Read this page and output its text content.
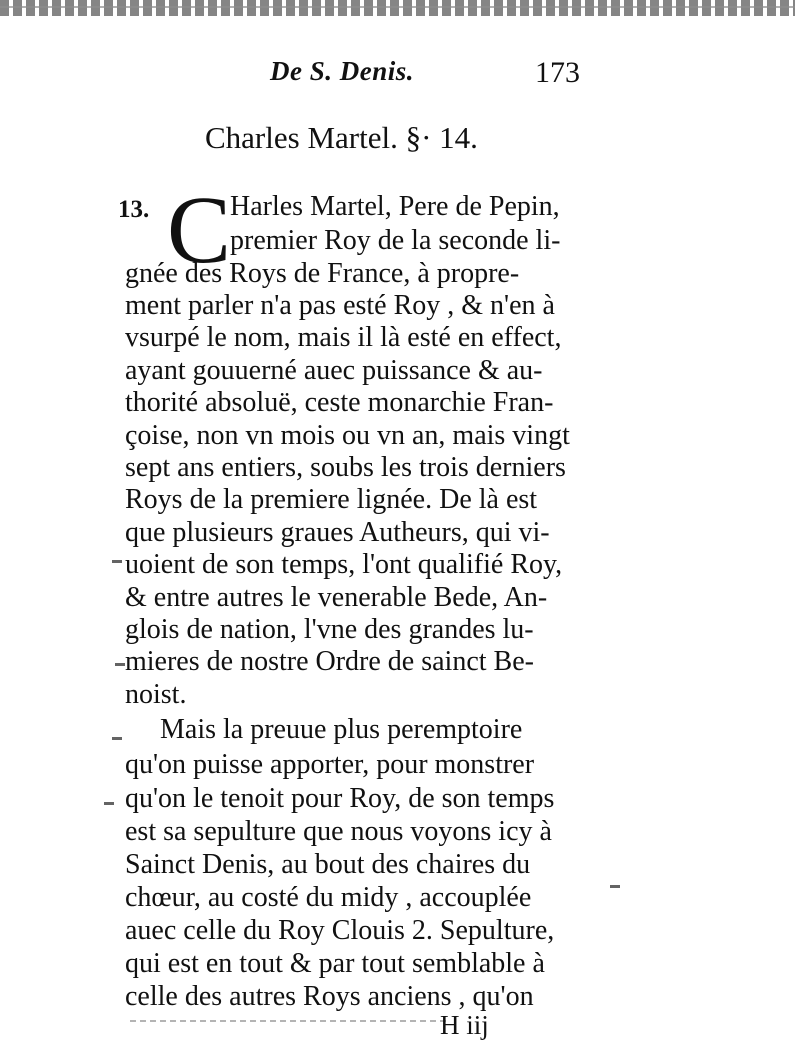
De S. Denis.	173
Charles Martel. §· 14.
13. C
Harles Martel, Pere de Pepin,
premier Roy de la seconde li-
gnée des Roys de France, à propre-
ment parler n'a pas esté Roy , & n'en à
vsurpé le nom, mais il là esté en effect,
ayant gouuerné auec puissance & au-
thorité absoluë, ceste monarchie Fran-
çoise, non vn mois ou vn an, mais vingt
sept ans entiers, soubs les trois derniers
Roys de la premiere lignée. De là est
que plusieurs graues Autheurs, qui vi-
uoient de son temps, l'ont qualifié Roy,
& entre autres le venerable Bede, An-
glois de nation, l'vne des grandes lu-
mieres de nostre Ordre de sainct Be-
noist.
Mais la preuue plus peremptoire
qu'on puisse apporter, pour monstrer
qu'on le tenoit pour Roy, de son temps
est sa sepulture que nous voyons icy à
Sainct Denis, au bout des chaires du
chœur, au costé du midy , accouplée
auec celle du Roy Clouis 2. Sepulture,
qui est en tout & par tout semblable à
celle des autres Roys anciens , qu'on
H iij
